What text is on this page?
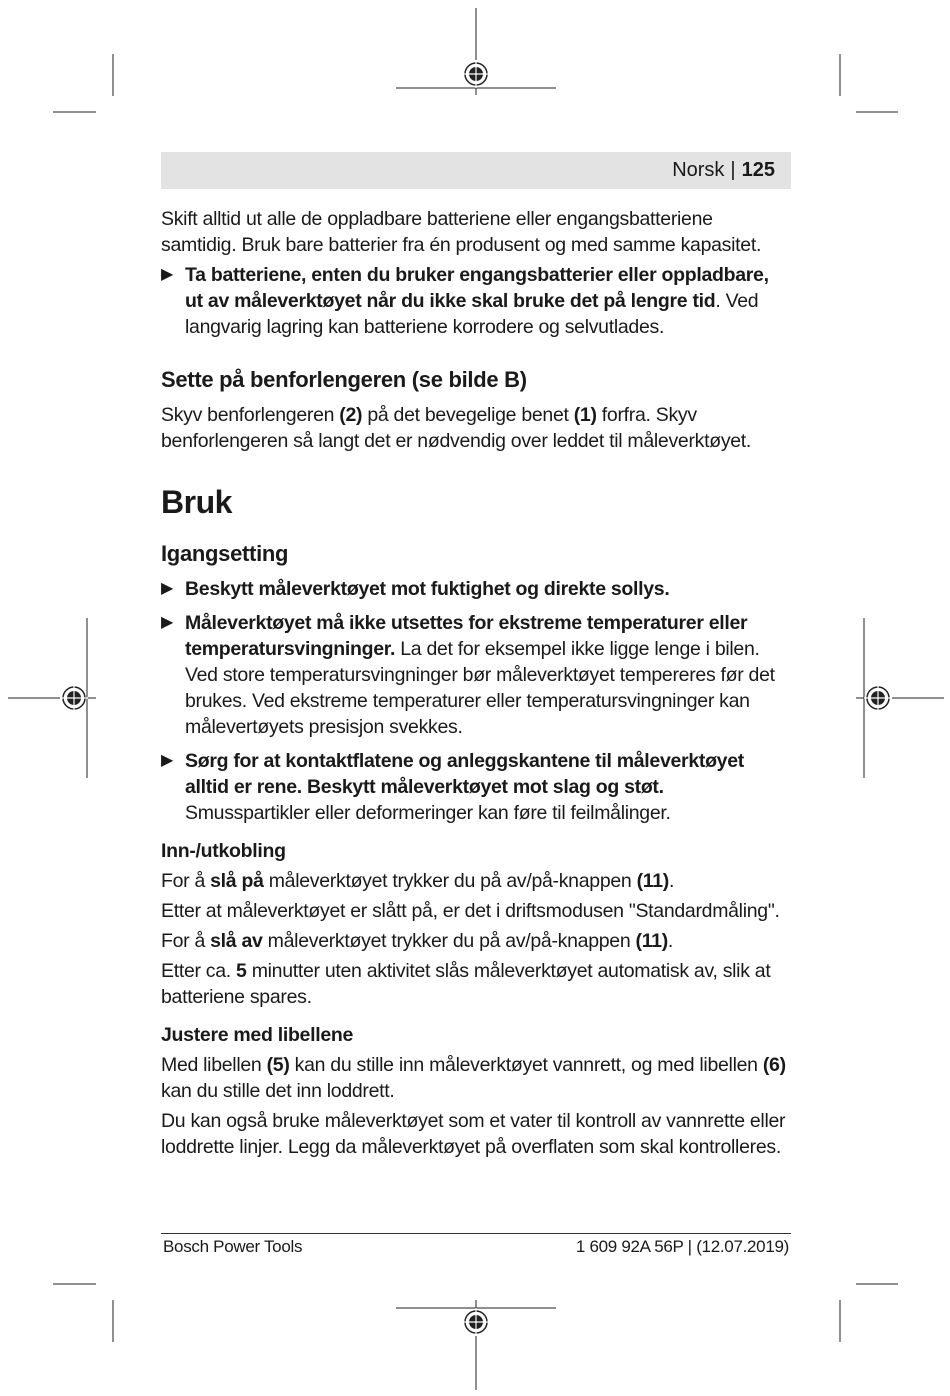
Norsk | 125

Skift alltid ut alle de oppladbare batteriene eller engangsbatteriene samtidig. Bruk bare batterier fra én produsent og med samme kapasitet.

▶ Ta batteriene, enten du bruker engangsbatterier eller oppladbare, ut av måleverktøyet når du ikke skal bruke det på lengre tid. Ved langvarig lagring kan batteriene korrodere og selvutlades.
Sette på benforlengeren (se bilde B)

Skyv benforlengeren (2) på det bevegelige benet (1) forfra. Skyv benforlengeren så langt det er nødvendig over leddet til måleverktøyet.

Bruk
Igangsetting
▶ Beskytt måleverktøyet mot fuktighet og direkte sollys.
▶ Måleverktøyet må ikke utsettes for ekstreme temperaturer eller temperatursvingninger. La det for eksempel ikke ligge lenge i bilen. Ved store temperatursvingninger bør måleverktøyet tempereres før det brukes. Ved ekstreme temperaturer eller temperatursvingninger kan målevertøyets presisjon svekkes.
▶ Sørg for at kontaktflatene og anleggskantene til måleverktøyet alltid er rene. Beskytt måleverktøyet mot slag og støt. Smusspartikler eller deformeringer kan føre til feilmålinger.
Inn-/utkobling

For å slå på måleverktøyet trykker du på av/på-knappen (11).

Etter at måleverktøyet er slått på, er det i driftsmodusen "Standardmåling".

For å slå av måleverktøyet trykker du på av/på-knappen (11).

Etter ca. 5 minutter uten aktivitet slås måleverktøyet automatisk av, slik at batteriene spares.

Justere med libellene

Med libellen (5) kan du stille inn måleverktøyet vannrett, og med libellen (6) kan du stille det inn loddrett.

Du kan også bruke måleverktøyet som et vater til kontroll av vannrette eller loddrette linjer. Legg da måleverktøyet på overflaten som skal kontrolleres.

Bosch Power Tools	1 609 92A 56P | (12.07.2019)
